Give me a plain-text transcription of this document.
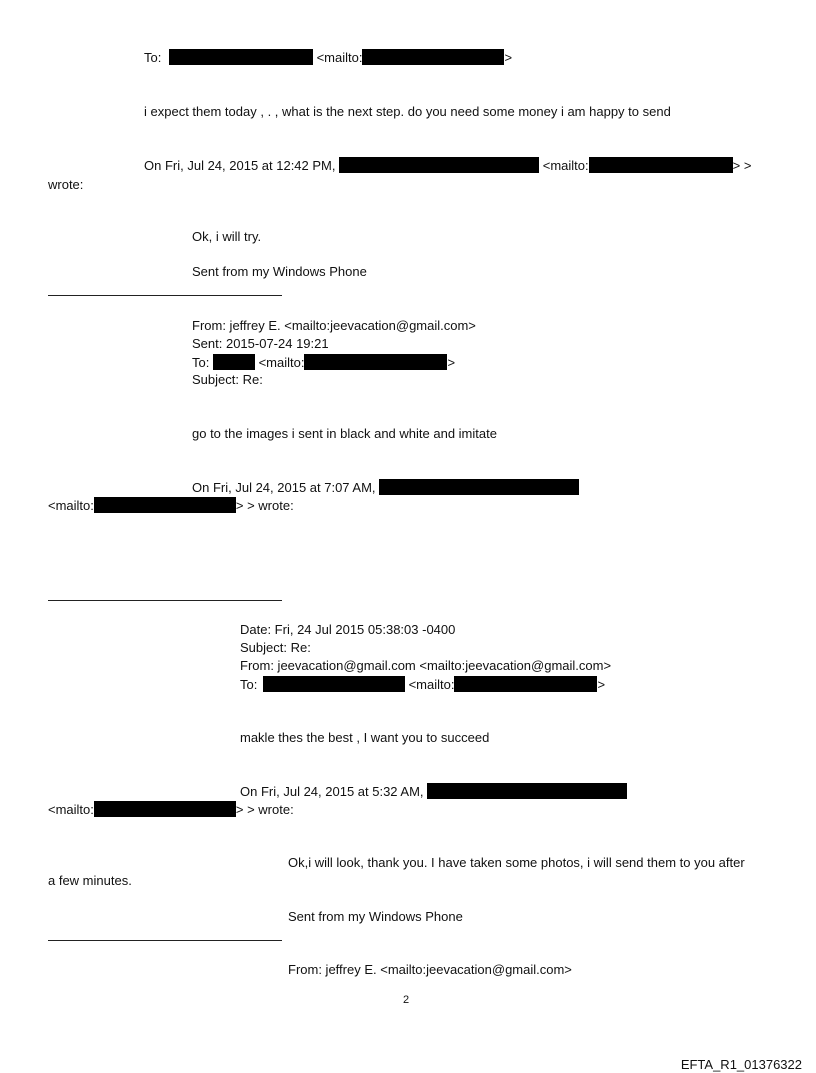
To:	<mailto:	>
i expect them today , . , what is the next step. do you need some money i am happy to send
On Fri, Jul 24, 2015 at 12:42 PM,	<mailto:	> >
wrote:
Ok, i will try.
Sent from my Windows Phone
From: jeffrey E. <mailto:jeevacation@gmail.com>
Sent: 2015-07-24 19:21
To:	<mailto:	>
Subject: Re:
go to the images i sent in black and white and imitate
On Fri, Jul 24, 2015 at 7:07 AM,
<mailto:	> > wrote:
Date: Fri, 24 Jul 2015 05:38:03 -0400
Subject: Re:
From: jeevacation@gmail.com <mailto:jeevacation@gmail.com>
To:	<mailto:	>
makle thes the best , I want you to succeed
On Fri, Jul 24, 2015 at 5:32 AM,
<mailto:	> > wrote:
Ok,i will look, thank you. I have taken some photos, i will send them to you after
a few minutes.
Sent from my Windows Phone
From: jeffrey E. <mailto:jeevacation@gmail.com>
2
EFTA_R1_01376322
